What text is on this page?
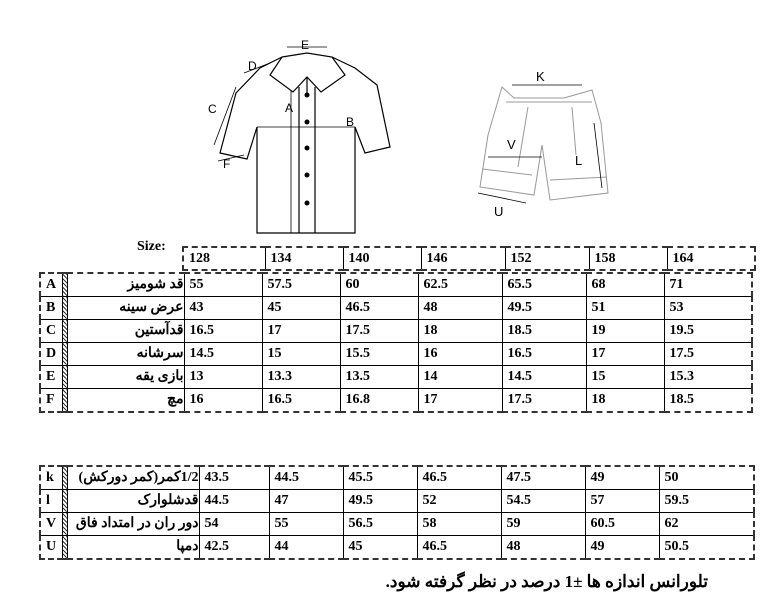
A
B
C
D
E
F
K
V
L
U
Size:
128	134	140	146	152	158	164
A		قد شومیز	55	57.5	60	62.5	65.5	68	71
B		عرض سینه	43	45	46.5	48	49.5	51	53
C		قدآستین	16.5	17	17.5	18	18.5	19	19.5
D		سرشانه	14.5	15	15.5	16	16.5	17	17.5
E		بازی یقه	13	13.3	13.5	14	14.5	15	15.3
F		مچ	16	16.5	16.8	17	17.5	18	18.5
k		1/2کمر(کمر دورکش)	43.5	44.5	45.5	46.5	47.5	49	50
l		قدشلوارک	44.5	47	49.5	52	54.5	57	59.5
V		دور ران در امتداد فاق	54	55	56.5	58	59	60.5	62
U		دمپا	42.5	44	45	46.5	48	49	50.5
تلورانس اندازه ها ±1 درصد در نظر گرفته شود.
